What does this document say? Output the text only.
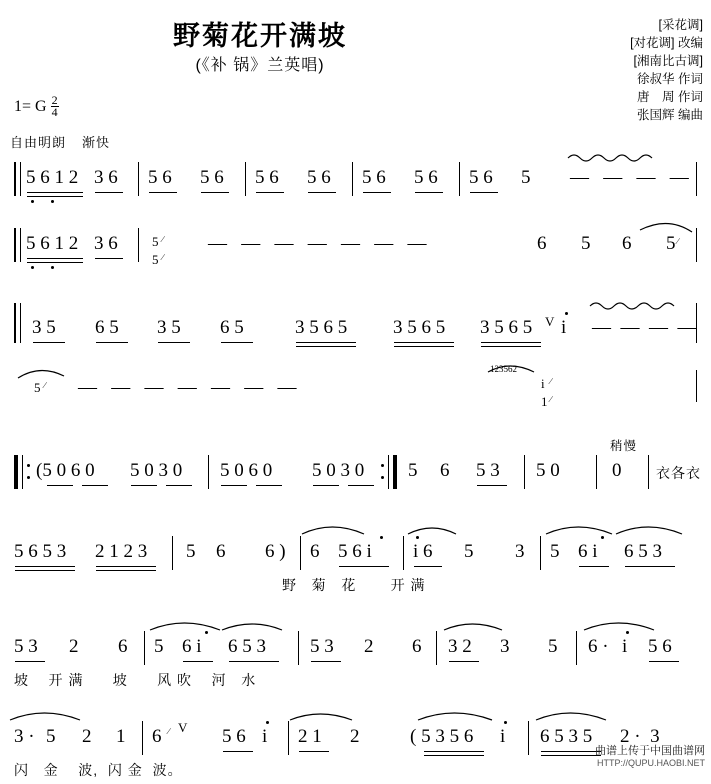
野菊花开满坡
(《补 锅》兰英唱)
[采花调]
[对花调] 改编
[湘南比古调]
徐叔华 作词
唐　周 作词
张国辉 编曲
1= G $\frac{2}{4}$
自由明朗 渐快
稍慢
5 6 1 2 3 6 5 6 5 6 5 6 5 6 5 6 5 6 5 6 5 —   —   —   —
5 6 1 2 3 6	5 ∕
5 ∕
—   —   —   —   —   —   —	6 5 6 5 ∕
3 5 6 5 3 5 6 5	3 5 6 5 3 5 6 5 3 5 6 5 V i —  —  —  —
5 ∕ —   —   —   —   —   —   —
123562
i ∕
1 ∕
(5 0 6 0 5 0 3 0 5 0 6 0 5 0 3 0 5 6 5 3 5 0	0 衣各衣
5 6 5 3 2 1 2 3 5 6 6 ) 6 5 6 i i 6 5 3 5 6 i 6 5 3
野   菊   花       开 满
5 3 2 6 5 6 i 6 5 3 5 3 2 6 3 2 3 5 6 · i 5 6
坡    开 满      坡      风 吹    河   水
3 · 5 2 1 6 ∕ V 5 6 i 2 1 2	( 5 3 5 6 i 6 5 3 5 2 ·  3
闪   金    波,  闪 金  波。
曲谱上传于中国曲谱网
HTTP://QUPU.HAOBI.NET
